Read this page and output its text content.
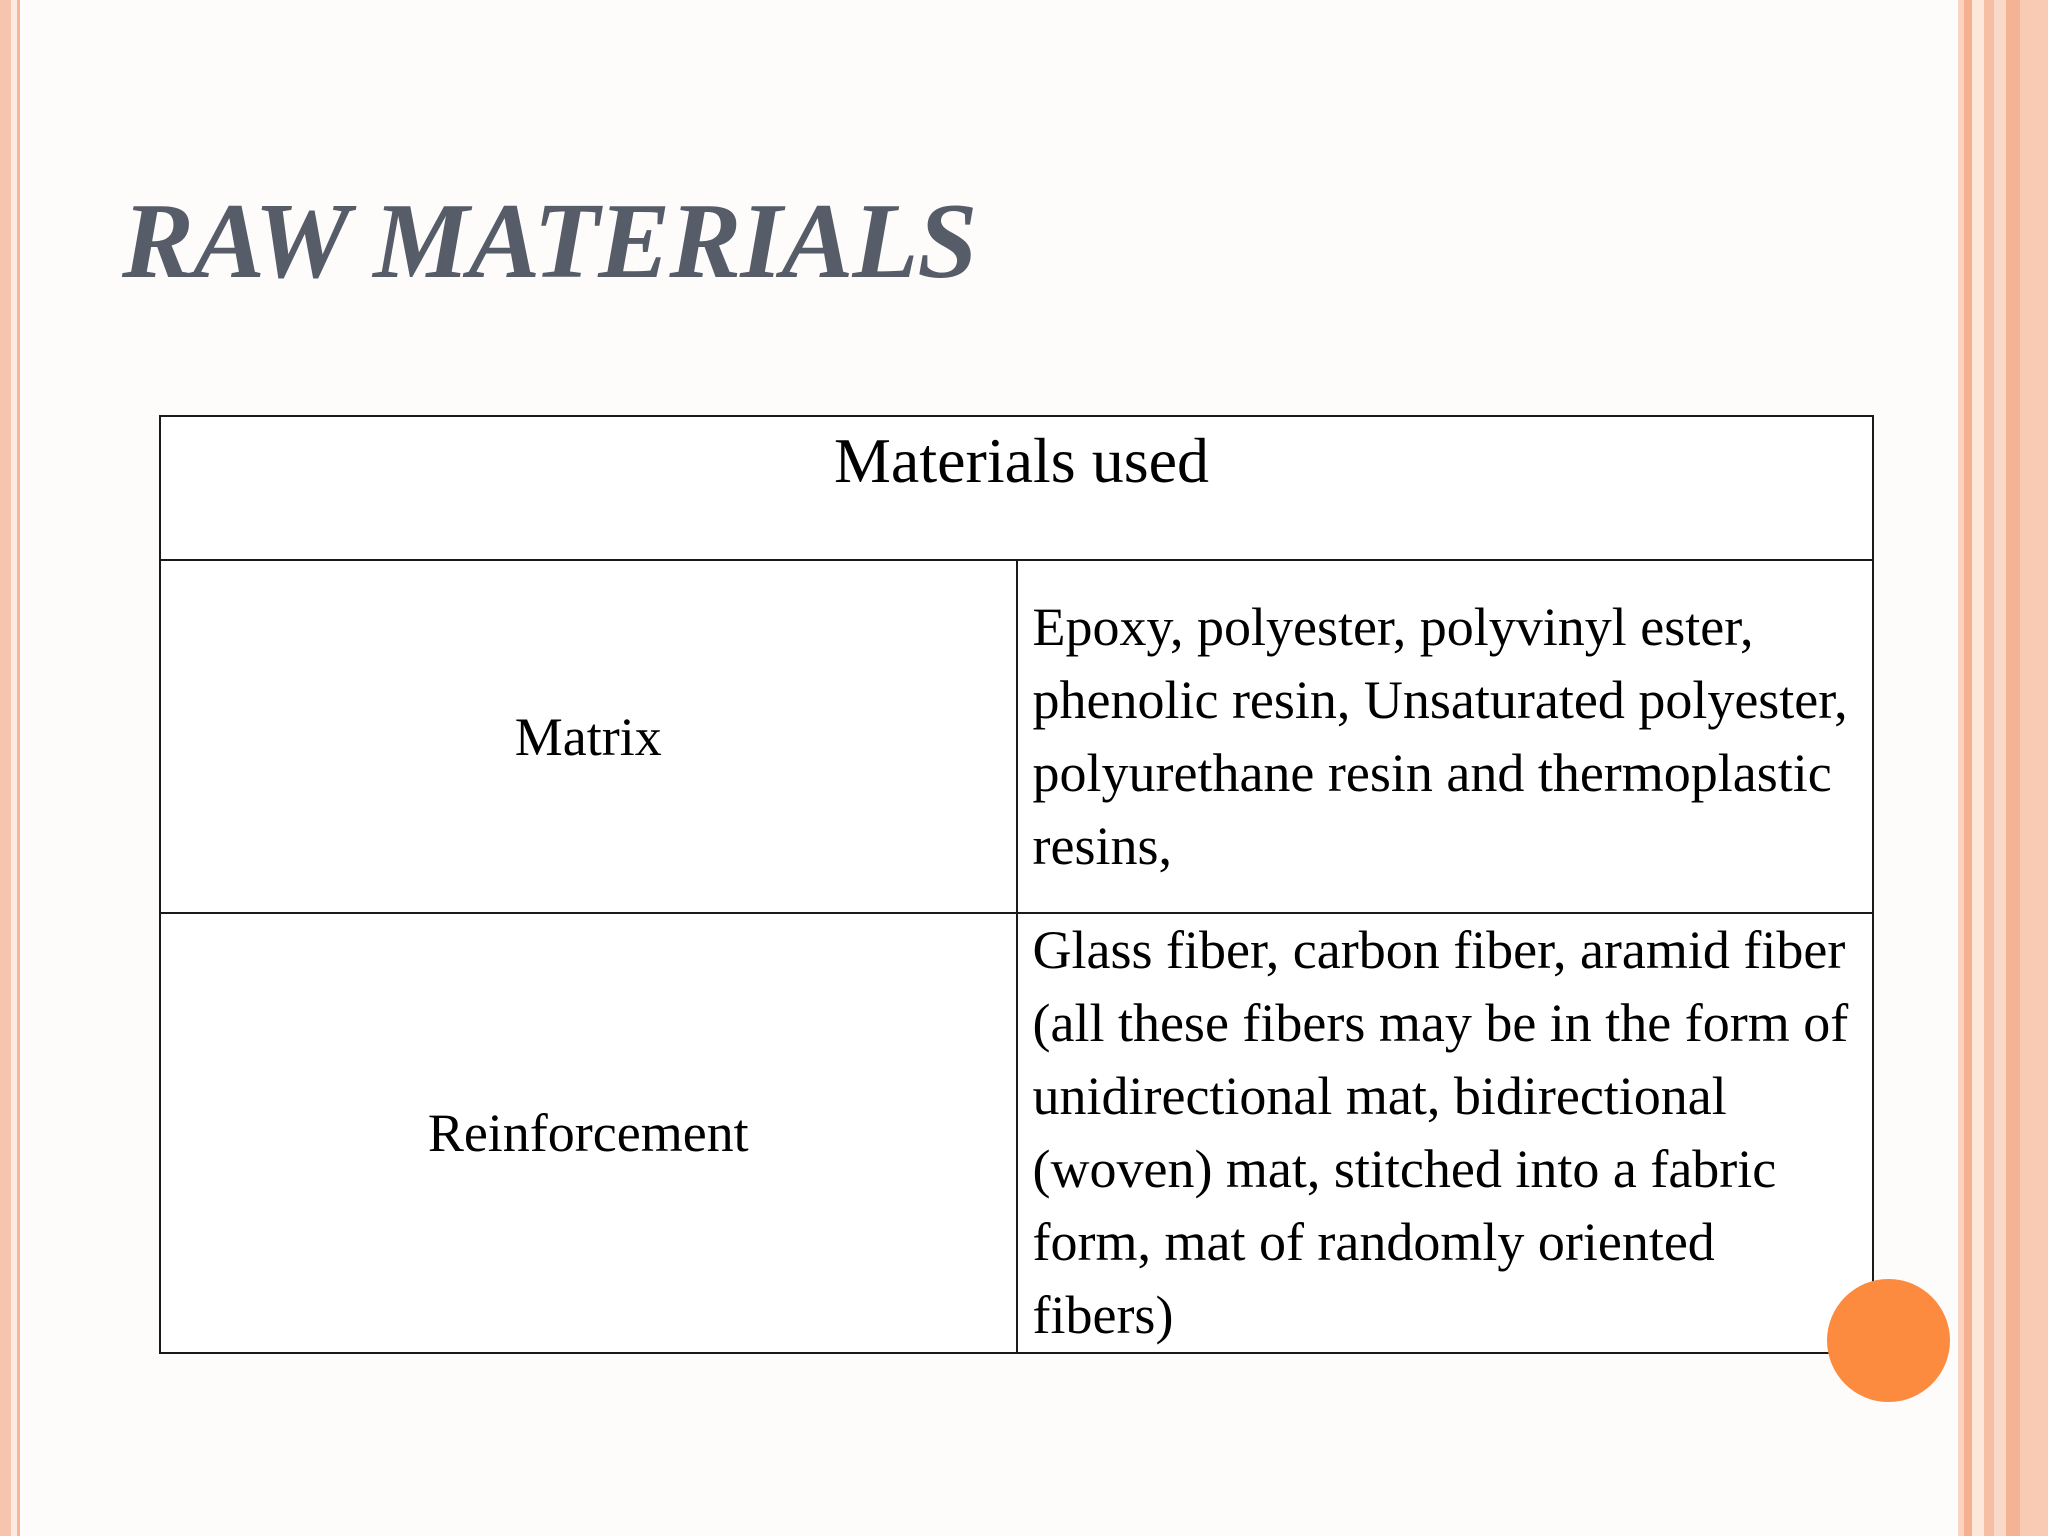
RAW MATERIALS
Materials used	
Matrix	Epoxy, polyester, polyvinyl ester, phenolic resin, Unsaturated polyester, polyurethane resin and thermoplastic resins,
Reinforcement	Glass fiber, carbon fiber, aramid fiber (all these fibers may be in the form of unidirectional mat, bidirectional (woven) mat, stitched into a fabric form, mat of randomly oriented fibers)
